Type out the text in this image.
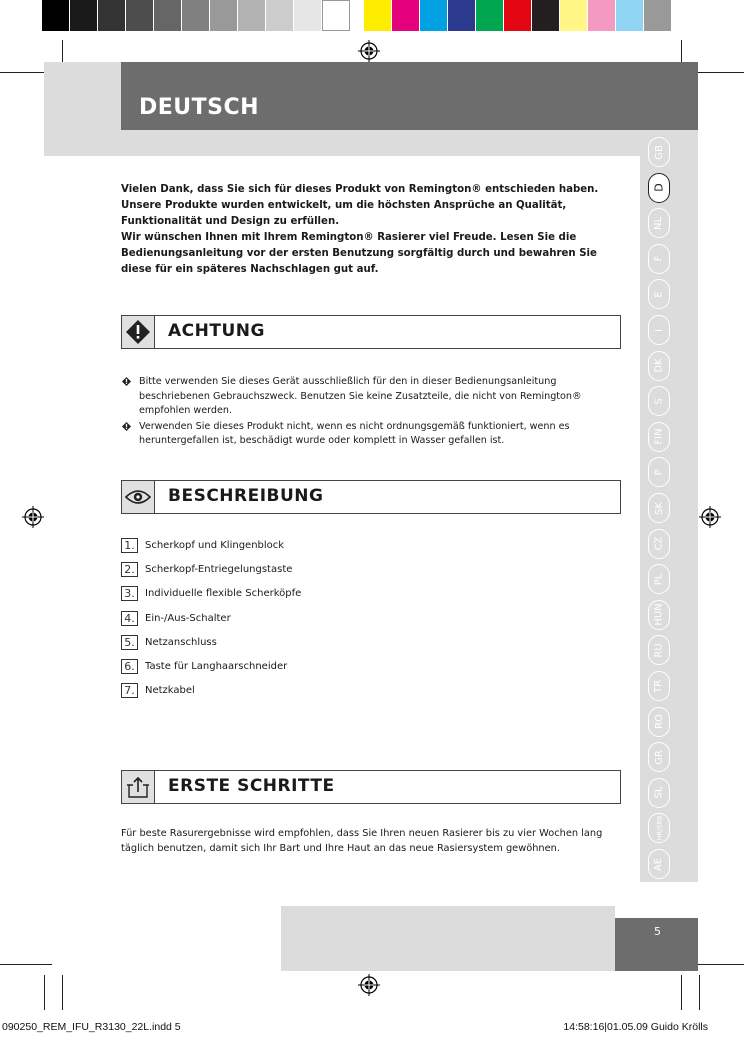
DEUTSCH
GB
D
NL
F
E
I
DK
S
FIN
P
SK
CZ
PL
HUN
RU
TR
RO
GR
SL
HR/SRB
AE

Vielen Dank, dass Sie sich für dieses Produkt von Remington® entschieden haben. Unsere Produkte wurden entwickelt, um die höchsten Ansprüche an Qualität, Funktionalität und Design zu erfüllen.

Wir wünschen Ihnen mit Ihrem Remington® Rasierer viel Freude. Lesen Sie die Bedienungsanleitung vor der ersten Benutzung sorgfältig durch und bewahren Sie diese für ein späteres Nachschlagen gut auf.

ACHTUNG
Bitte verwenden Sie dieses Gerät ausschließlich für den in dieser Bedienungsanleitung beschriebenen Gebrauchszweck. Benutzen Sie keine Zusatzteile, die nicht von Remington® empfohlen werden.
Verwenden Sie dieses Produkt nicht, wenn es nicht ordnungsgemäß funktioniert, wenn es heruntergefallen ist, beschädigt wurde oder komplett in Wasser gefallen ist.
BESCHREIBUNG
1.	Scherkopf und Klingenblock
2.	Scherkopf-Entriegelungstaste
3.	Individuelle flexible Scherköpfe
4.	Ein-/Aus-Schalter
5.	Netzanschluss
6.	Taste für Langhaarschneider
7.	Netzkabel
ERSTE SCHRITTE
Für beste Rasurergebnisse wird empfohlen, dass Sie Ihren neuen Rasierer bis zu vier Wochen lang täglich benutzen, damit sich Ihr Bart und Ihre Haut an das neue Rasiersystem gewöhnen.
5
090250_REM_IFU_R3130_22L.indd 5	14:58:16|01.05.09 Guido Krölls
